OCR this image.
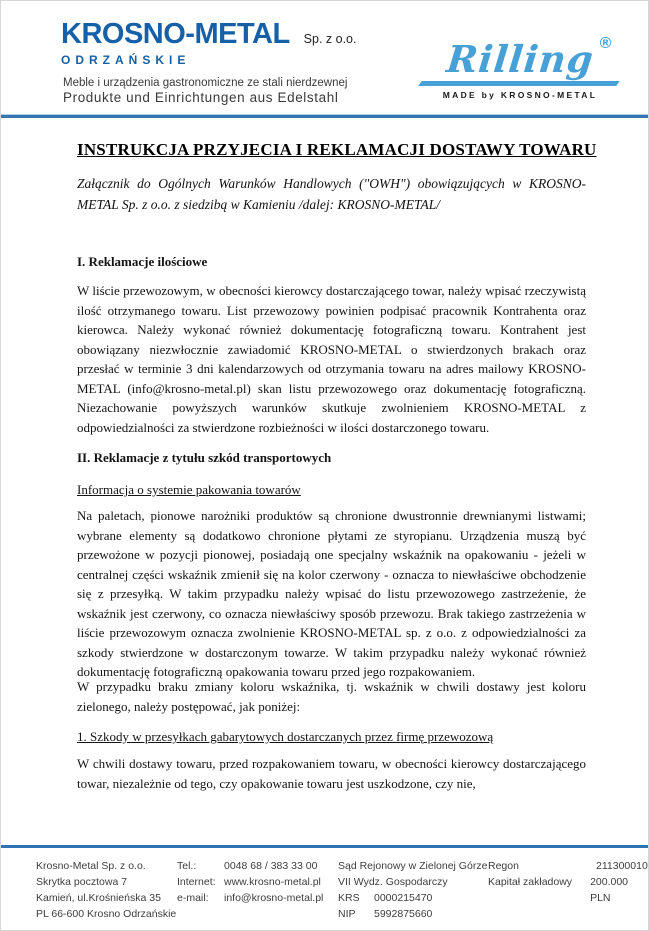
KROSNO-METAL Sp. z o.o.
ODRZAŃSKIE
Meble i urządzenia gastronomiczne ze stali nierdzewnej
Produkte und Einrichtungen aus Edelstahl
Rilling ®
MADE by KROSNO-METAL
INSTRUKCJA PRZYJECIA I REKLAMACJI DOSTAWY TOWARU
Załącznik do Ogólnych Warunków Handlowych ("OWH") obowiązujących w KROSNO-METAL Sp. z o.o. z siedzibą w Kamieniu /dalej: KROSNO-METAL/
I. Reklamacje ilościowe
W liście przewozowym, w obecności kierowcy dostarczającego towar, należy wpisać rzeczywistą ilość otrzymanego towaru. List przewozowy powinien podpisać pracownik Kontrahenta oraz kierowca. Należy wykonać również dokumentację fotograficzną towaru. Kontrahent jest obowiązany niezwłocznie zawiadomić KROSNO-METAL o stwierdzonych brakach oraz przesłać w terminie 3 dni kalendarzowych od otrzymania towaru na adres mailowy KROSNO-METAL (info@krosno-metal.pl) skan listu przewozowego oraz dokumentację fotograficzną. Niezachowanie powyższych warunków skutkuje zwolnieniem KROSNO-METAL z odpowiedzialności za stwierdzone rozbieżności w ilości dostarczonego towaru.
II. Reklamacje z tytułu szkód transportowych
Informacja o systemie pakowania towarów
Na paletach, pionowe narożniki produktów są chronione dwustronnie drewnianymi listwami; wybrane elementy są dodatkowo chronione płytami ze styropianu. Urządzenia muszą być przewożone w pozycji pionowej, posiadają one specjalny wskaźnik na opakowaniu - jeżeli w centralnej części wskaźnik zmienił się na kolor czerwony - oznacza to niewłaściwe obchodzenie się z przesyłką. W takim przypadku należy wpisać do listu przewozowego zastrzeżenie, że wskaźnik jest czerwony, co oznacza niewłaściwy sposób przewozu. Brak takiego zastrzeżenia w liście przewozowym oznacza zwolnienie KROSNO-METAL sp. z o.o. z odpowiedzialności za szkody stwierdzone w dostarczonym towarze. W takim przypadku należy wykonać również dokumentację fotograficzną opakowania towaru przed jego rozpakowaniem.
W przypadku braku zmiany koloru wskaźnika, tj. wskaźnik w chwili dostawy jest koloru zielonego, należy postępować, jak poniżej:
1. Szkody w przesyłkach gabarytowych dostarczanych przez firmę przewozową
W chwili dostawy towaru, przed rozpakowaniem towaru, w obecności kierowcy dostarczającego towar, niezależnie od tego, czy opakowanie towaru jest uszkodzone, czy nie,
Krosno-Metal Sp. z o.o.
Skrytka pocztowa 7
Kamień, ul.Krośnieńska 35
PL 66-600 Krosno Odrzańskie
Tel.:	0048 68 / 383 33 00
Internet: www.krosno-metal.pl
e-mail:	info@krosno-metal.pl
Sąd Rejonowy w Zielonej Górze
VII Wydz. Gospodarczy
KRS	0000215470
NIP	5992875660
Regon	211300010
Kapitał zakładowy	200.000 PLN
